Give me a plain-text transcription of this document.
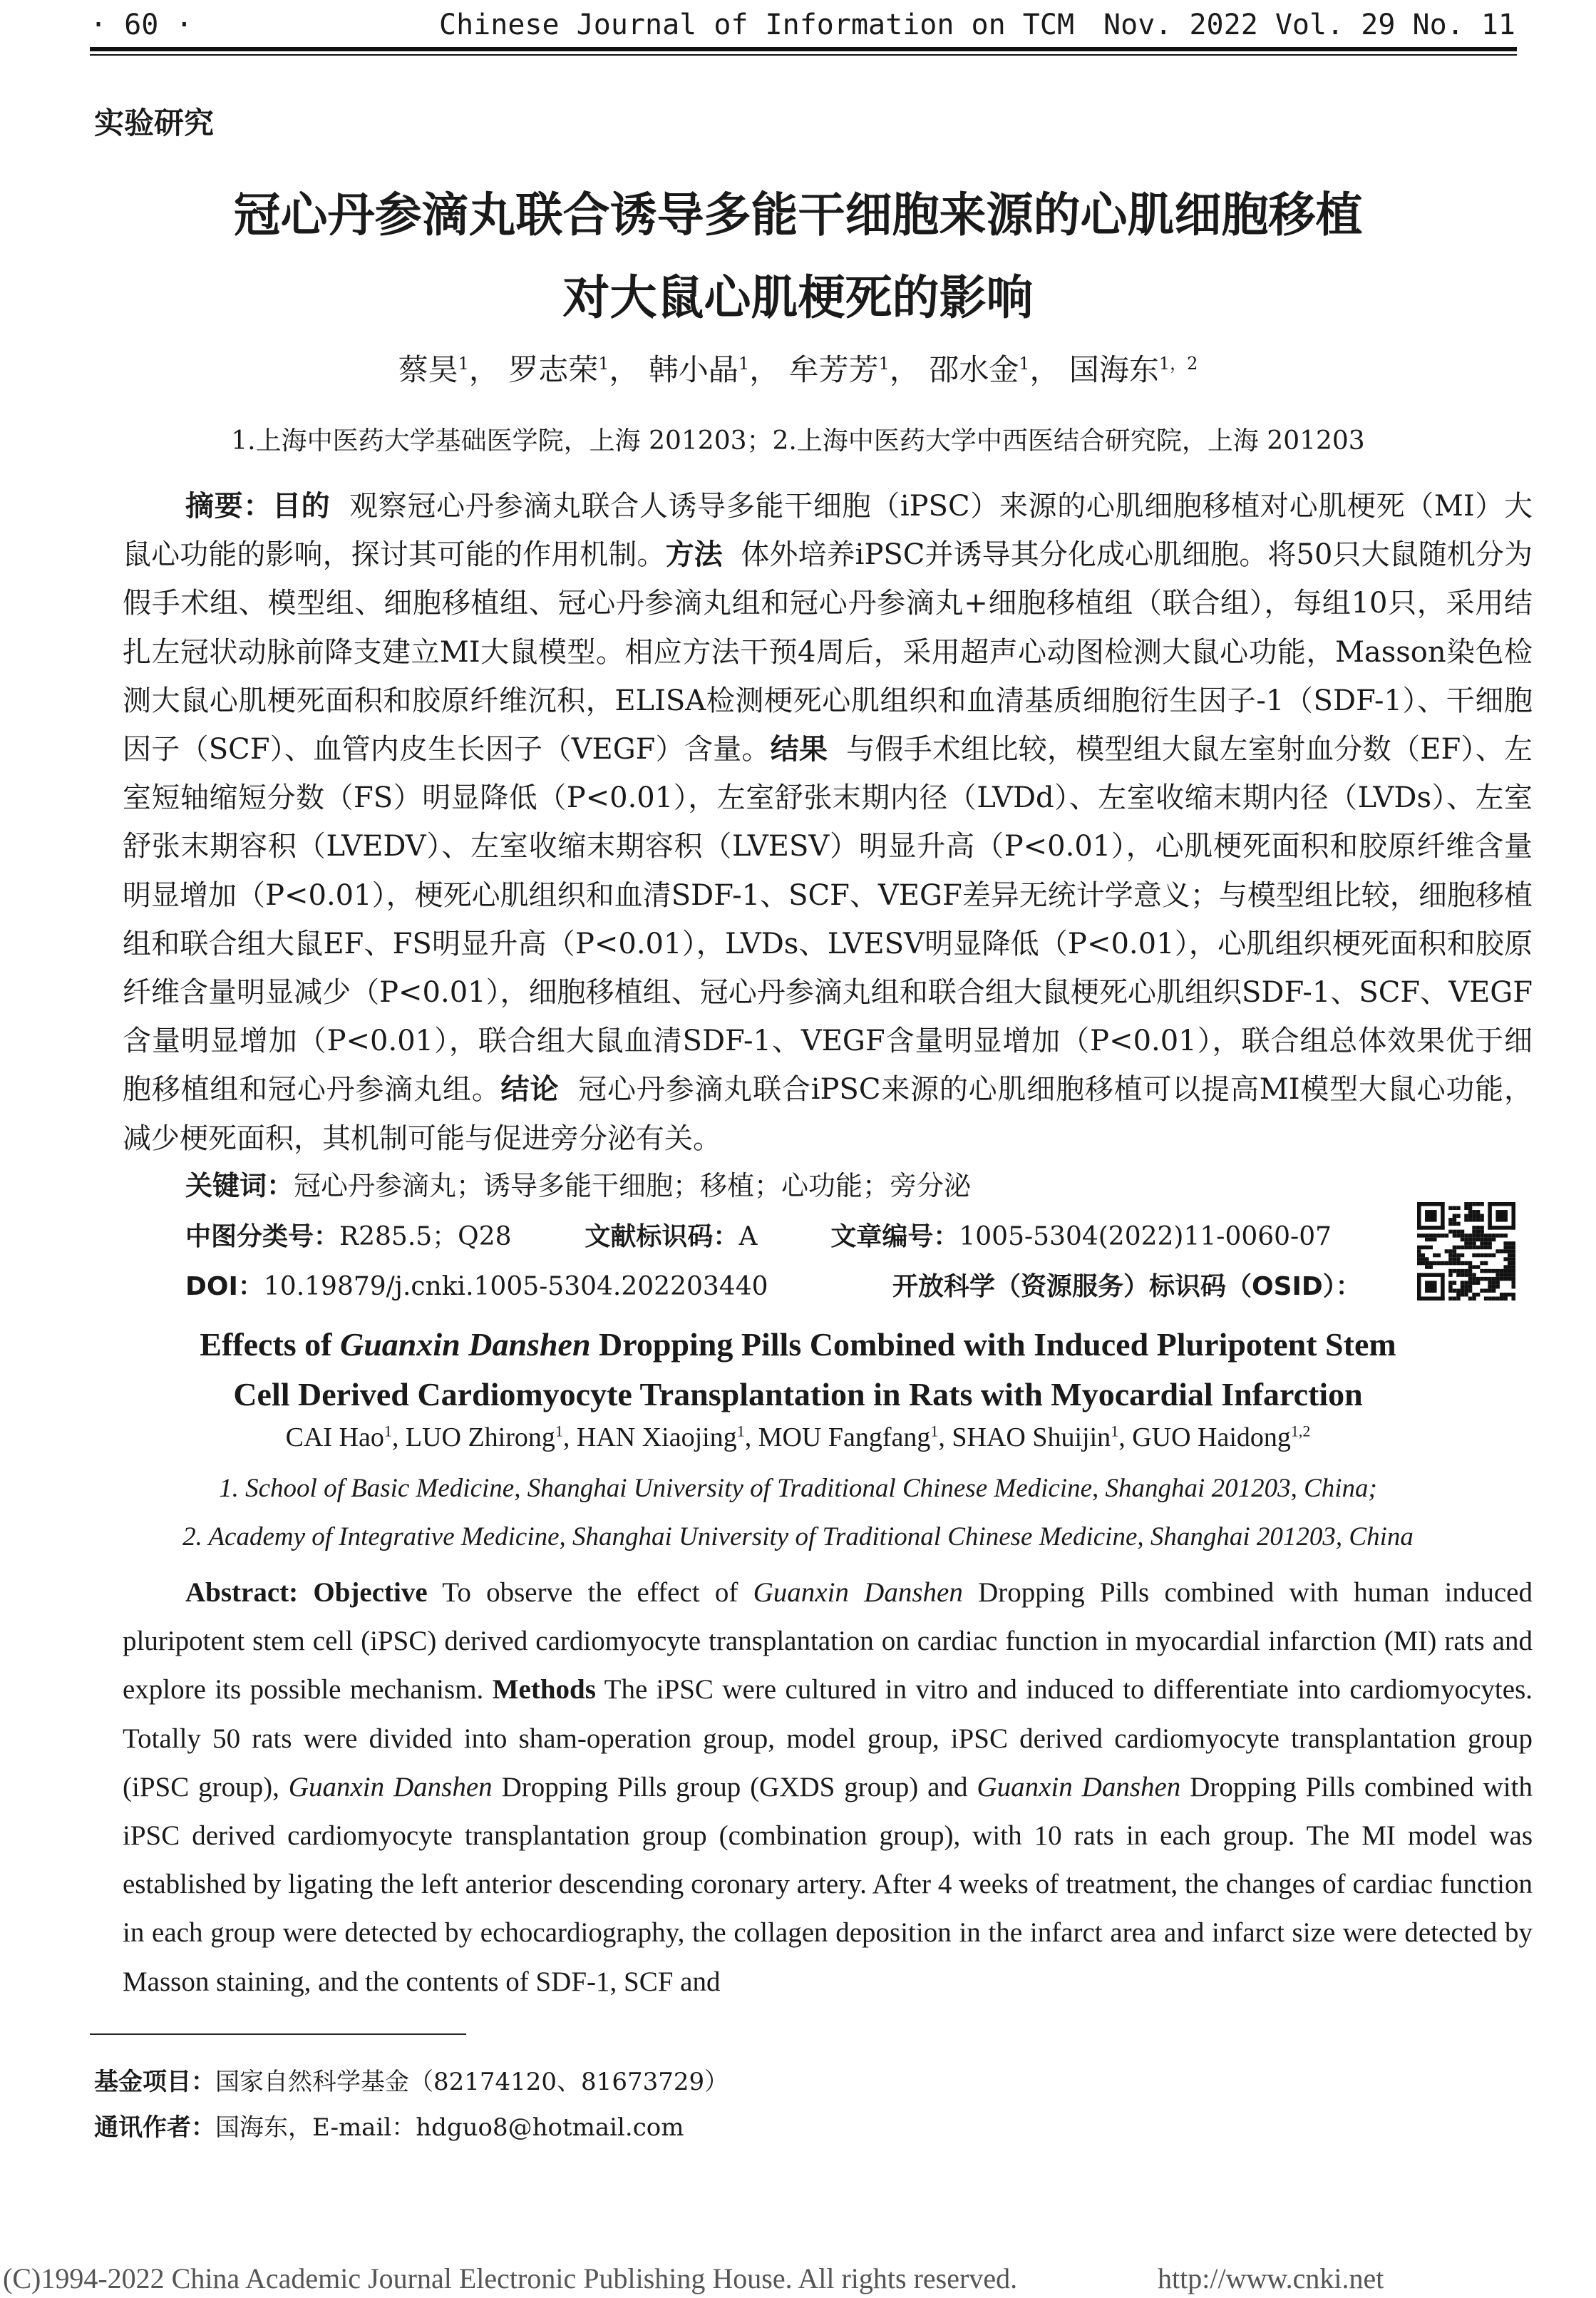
· 60 ·	Chinese Journal of Information on TCM Nov. 2022 Vol. 29 No. 11
实验研究
冠心丹参滴丸联合诱导多能干细胞来源的心肌细胞移植
对大鼠心肌梗死的影响
蔡昊$^1$， 罗志荣$^1$， 韩小晶$^1$， 牟芳芳$^1$， 邵水金$^1$， 国海东$^{1,2}$
1.上海中医药大学基础医学院，上海 201203；2.上海中医药大学中西医结合研究院，上海 201203
摘要：目的 观察冠心丹参滴丸联合人诱导多能干细胞（iPSC）来源的心肌细胞移植对心肌梗死（MI）大鼠心功能的影响，探讨其可能的作用机制。方法 体外培养iPSC并诱导其分化成心肌细胞。将50只大鼠随机分为假手术组、模型组、细胞移植组、冠心丹参滴丸组和冠心丹参滴丸+细胞移植组（联合组），每组10只，采用结扎左冠状动脉前降支建立MI大鼠模型。相应方法干预4周后，采用超声心动图检测大鼠心功能，Masson染色检测大鼠心肌梗死面积和胶原纤维沉积，ELISA检测梗死心肌组织和血清基质细胞衍生因子-1（SDF-1）、干细胞因子（SCF）、血管内皮生长因子（VEGF）含量。结果 与假手术组比较，模型组大鼠左室射血分数（EF）、左室短轴缩短分数（FS）明显降低（P<0.01），左室舒张末期内径（LVDd）、左室收缩末期内径（LVDs）、左室舒张末期容积（LVEDV）、左室收缩末期容积（LVESV）明显升高（P<0.01），心肌梗死面积和胶原纤维含量明显增加（P<0.01），梗死心肌组织和血清SDF-1、SCF、VEGF差异无统计学意义；与模型组比较，细胞移植组和联合组大鼠EF、FS明显升高（P<0.01），LVDs、LVESV明显降低（P<0.01），心肌组织梗死面积和胶原纤维含量明显减少（P<0.01），细胞移植组、冠心丹参滴丸组和联合组大鼠梗死心肌组织SDF-1、SCF、VEGF含量明显增加（P<0.01），联合组大鼠血清SDF-1、VEGF含量明显增加（P<0.01），联合组总体效果优于细胞移植组和冠心丹参滴丸组。结论 冠心丹参滴丸联合iPSC来源的心肌细胞移植可以提高MI模型大鼠心功能，减少梗死面积，其机制可能与促进旁分泌有关。
关键词：冠心丹参滴丸；诱导多能干细胞；移植；心功能；旁分泌
中图分类号：R285.5；Q28	文献标识码：A	文章编号：1005-5304(2022)11-0060-07
DOI：10.19879/j.cnki.1005-5304.202203440	开放科学（资源服务）标识码（OSID）：
Effects of Guanxin Danshen Dropping Pills Combined with Induced Pluripotent Stem
Cell Derived Cardiomyocyte Transplantation in Rats with Myocardial Infarction
CAI Hao$^1$, LUO Zhirong$^1$, HAN Xiaojing$^1$, MOU Fangfang$^1$, SHAO Shuijin$^1$, GUO Haidong$^{1,2}$
1. School of Basic Medicine, Shanghai University of Traditional Chinese Medicine, Shanghai 201203, China;
2. Academy of Integrative Medicine, Shanghai University of Traditional Chinese Medicine, Shanghai 201203, China
Abstract: Objective To observe the effect of Guanxin Danshen Dropping Pills combined with human induced pluripotent stem cell (iPSC) derived cardiomyocyte transplantation on cardiac function in myocardial infarction (MI) rats and explore its possible mechanism. Methods The iPSC were cultured in vitro and induced to differentiate into cardiomyocytes. Totally 50 rats were divided into sham-operation group, model group, iPSC derived cardiomyocyte transplantation group (iPSC group), Guanxin Danshen Dropping Pills group (GXDS group) and Guanxin Danshen Dropping Pills combined with iPSC derived cardiomyocyte transplantation group (combination group), with 10 rats in each group. The MI model was established by ligating the left anterior descending coronary artery. After 4 weeks of treatment, the changes of cardiac function in each group were detected by echocardiography, the collagen deposition in the infarct area and infarct size were detected by Masson staining, and the contents of SDF-1, SCF and
基金项目：国家自然科学基金（82174120、81673729）
通讯作者：国海东，E-mail：hdguo8@hotmail.com
(C)1994-2022 China Academic Journal Electronic Publishing House. All rights reserved.	http://www.cnki.net
